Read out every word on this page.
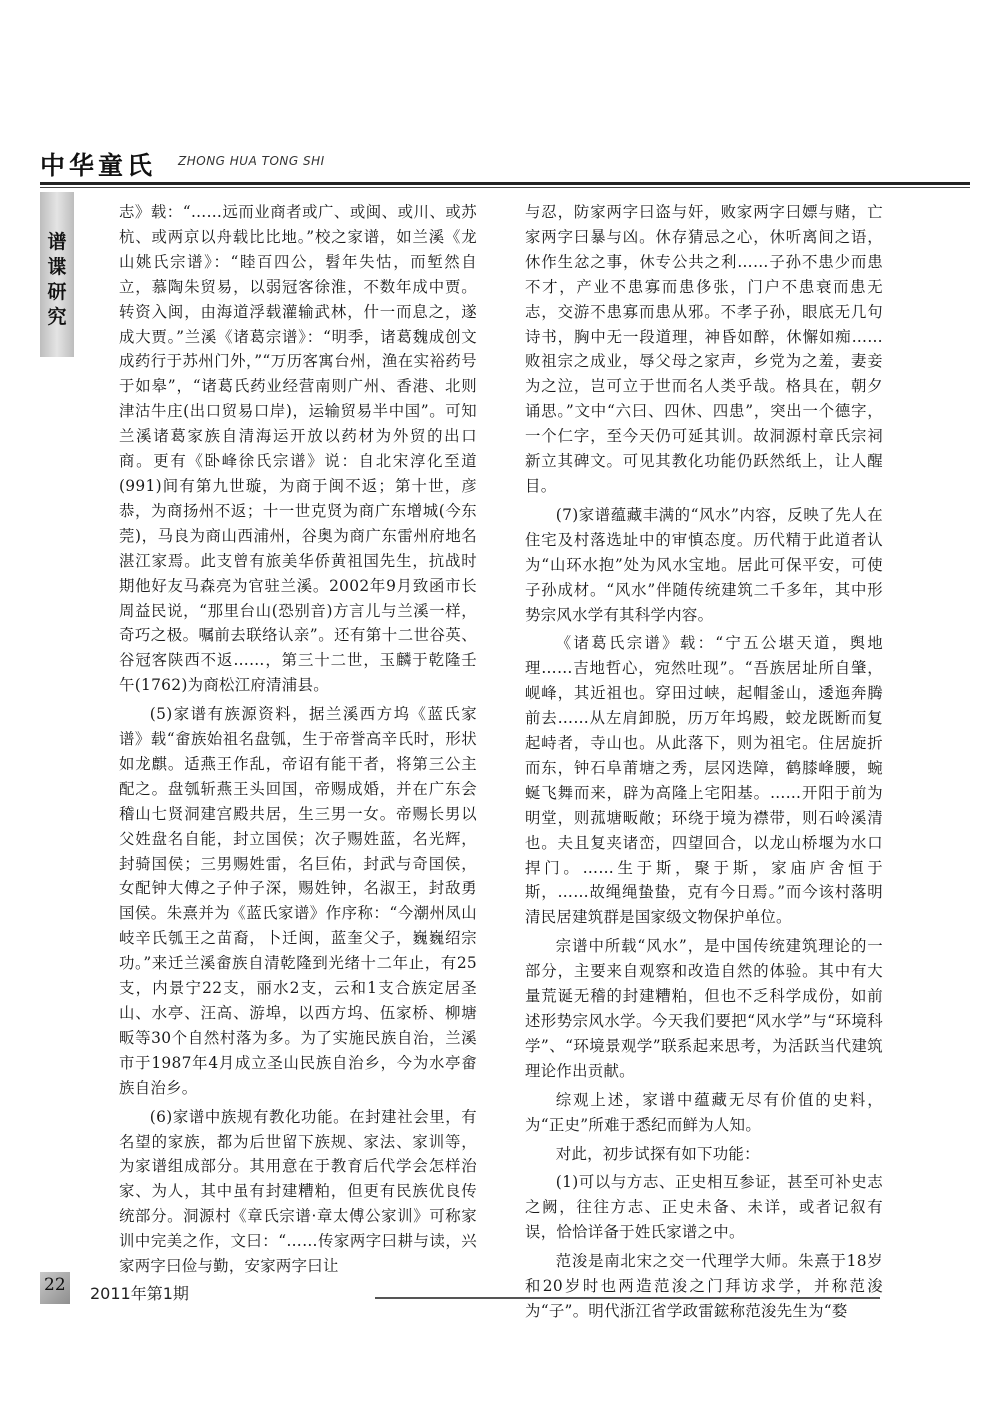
中华童氏 ZHONG HUA TONG SHI
谱
谍
研
究

志》载：“……远而业商者或广、或闽、或川、或苏杭、或两京以舟载比比地。”校之家谱，如兰溪《龙山姚氏宗谱》：“睦百四公，髫年失怙，而堑然自立，慕陶朱贸易，以弱冠客徐淮，不数年成中贾。转资入闽，由海道浮载灌输武林，什一而息之，遂成大贾。”兰溪《诸葛宗谱》：“明季，诸葛魏成创文成药行于苏州门外，”“万历客寓台州，渔在实裕药号于如皋”，“诸葛氏药业经营南则广州、香港、北则津沽牛庄(出口贸易口岸)，运输贸易半中国”。可知兰溪诸葛家族自清海运开放以药材为外贸的出口商。更有《卧峰徐氏宗谱》说：自北宋淳化至道(991)间有第九世璇，为商于闽不返；第十世，彦恭，为商扬州不返；十一世克贤为商广东增城(今东莞)，马良为商山西浦州，谷奥为商广东雷州府地名湛江家焉。此支曾有旅美华侨黄祖国先生，抗战时期他好友马森亮为官驻兰溪。2002年9月致函市长周益民说，“那里台山(恐别音)方言儿与兰溪一样，奇巧之极。嘱前去联络认亲”。还有第十二世谷英、谷冠客陕西不返……，第三十二世，玉麟于乾隆壬午(1762)为商松江府清浦县。

(5)家谱有族源资料，据兰溪西方坞《蓝氏家谱》载“畲族始祖名盘瓠，生于帝誉高辛氏时，形状如龙麒。适燕王作乱，帝诏有能干者，将第三公主配之。盘瓠斩燕王头回国，帝赐成婚，并在广东会稽山七贤洞建宫殿共居，生三男一女。帝赐长男以父姓盘名自能，封立国侯；次子赐姓蓝，名光辉，封骑国侯；三男赐姓雷，名巨佑，封武与奇国侯，女配钟大傅之子仲子深，赐姓钟，名淑王，封敌勇国侯。朱熹并为《蓝氏家谱》作序称：“今潮州凤山岐辛氏瓠王之苗裔，卜迁闽，蓝奎父子，巍巍绍宗功。”来迁兰溪畲族自清乾隆到光绪十二年止，有25支，内景宁22支，丽水2支，云和1支合族定居圣山、水亭、汪高、游埠，以西方坞、伍家桥、柳塘畈等30个自然村落为多。为了实施民族自治，兰溪市于1987年4月成立圣山民族自治乡，今为水亭畲族自治乡。

(6)家谱中族规有教化功能。在封建社会里，有名望的家族，都为后世留下族规、家法、家训等，为家谱组成部分。其用意在于教育后代学会怎样治家、为人，其中虽有封建糟粕，但更有民族优良传统部分。洞源村《章氏宗谱·章太傅公家训》可称家训中完美之作，文曰：“……传家两字曰耕与读，兴家两字曰俭与勤，安家两字曰让

与忍，防家两字曰盗与奸，败家两字曰嫖与赌，亡家两字曰暴与凶。休存猜忌之心，休听离间之语，休作生忿之事，休专公共之利……子孙不患少而患不才，产业不患寡而患侈张，门户不患衰而患无志，交游不患寡而患从邪。不孝子孙，眼底无几句诗书，胸中无一段道理，神昏如醉，休懈如痴……败祖宗之成业，辱父母之家声，乡党为之羞，妻妾为之泣，岂可立于世而名人类乎哉。格具在，朝夕诵思。”文中“六曰、四休、四患”，突出一个德字，一个仁字，至今天仍可延其训。故洞源村章氏宗祠新立其碑文。可见其教化功能仍跃然纸上，让人醒目。

(7)家谱蕴藏丰满的“风水”内容，反映了先人在住宅及村落选址中的审慎态度。历代精于此道者认为“山环水抱”处为风水宝地。居此可保平安，可使子孙成材。“风水”伴随传统建筑二千多年，其中形势宗风水学有其科学内容。

《诸葛氏宗谱》载：“宁五公堪天道，舆地理……吉地哲心，宛然吐现”。“吾族居址所自肇，岘峰，其近祖也。穿田过峡，起帽釜山，逶迤奔腾前去……从左肩卸脱，历万年坞殿，蛟龙既断而复起峙者，寺山也。从此落下，则为祖宅。住居旋折而东，钟石阜莆塘之秀，层冈迭障，鹤膝峰腰，蜿蜒飞舞而来，辟为高隆上宅阳基。……开阳于前为明堂，则菰塘畈敞；环绕于境为襟带，则石岭溪清也。夫且复夹诸峦，四望回合，以龙山桥堰为水口捍门。……生于斯，聚于斯，家庙庐舍恒于斯，……故绳绳蛰蛰，克有今日焉。”而今该村落明清民居建筑群是国家级文物保护单位。

宗谱中所载“风水”，是中国传统建筑理论的一部分，主要来自观察和改造自然的体验。其中有大量荒诞无稽的封建糟粕，但也不乏科学成份，如前述形势宗风水学。今天我们要把“风水学”与“环境科学”、“环境景观学”联系起来思考，为活跃当代建筑理论作出贡献。

综观上述，家谱中蕴藏无尽有价值的史料，为“正史”所难于悉纪而鲜为人知。

对此，初步试探有如下功能：

(1)可以与方志、正史相互参证，甚至可补史志之阙，往往方志、正史未备、未详，或者记叙有误，恰恰详备于姓氏家谱之中。

范浚是南北宋之交一代理学大师。朱熹于18岁和20岁时也两造范浚之门拜访求学，并称范浚为“子”。明代浙江省学政雷鋐称范浚先生为“婺

22 2011年第1期
